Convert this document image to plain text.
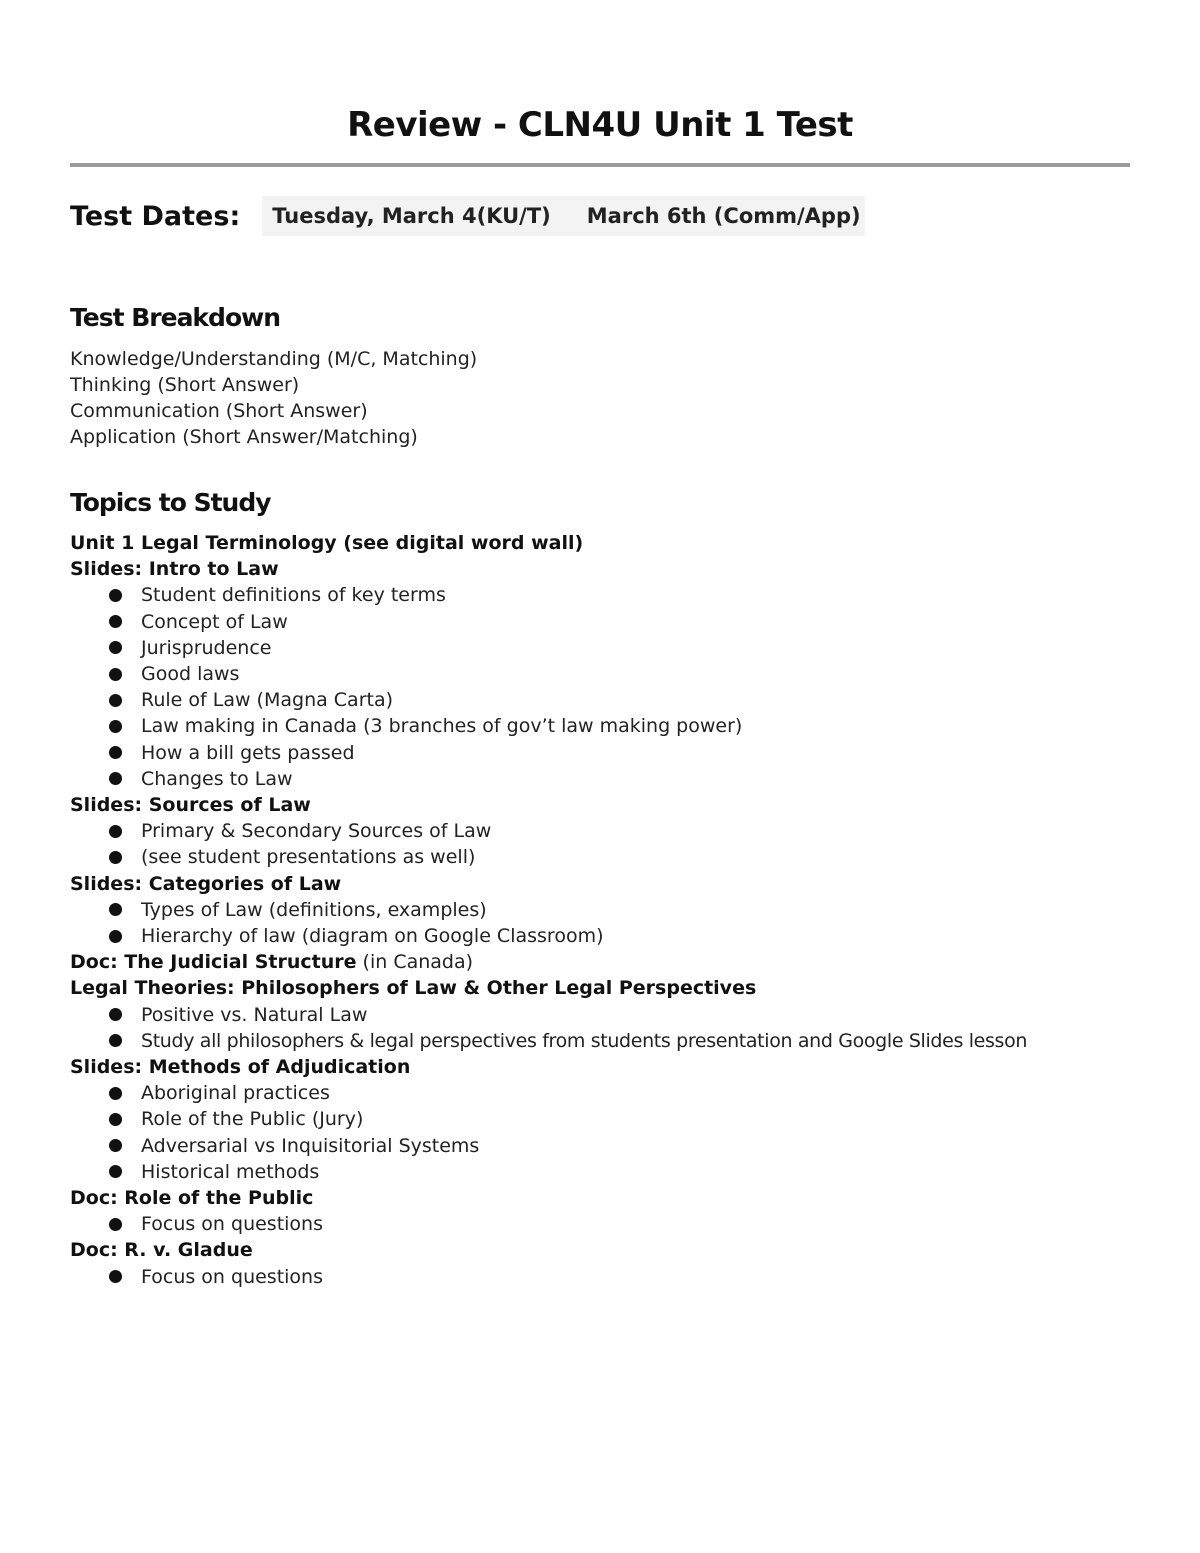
Review - CLN4U Unit 1 Test
Test Dates: Tuesday, March 4(KU/T) March 6th (Comm/App)
Test Breakdown
Knowledge/Understanding (M/C, Matching)
Thinking (Short Answer)
Communication (Short Answer)
Application (Short Answer/Matching)
Topics to Study
Unit 1 Legal Terminology (see digital word wall)
Slides: Intro to Law
Student definitions of key terms
Concept of Law
Jurisprudence
Good laws
Rule of Law (Magna Carta)
Law making in Canada (3 branches of gov’t law making power)
How a bill gets passed
Changes to Law
Slides: Sources of Law
Primary & Secondary Sources of Law
(see student presentations as well)
Slides: Categories of Law
Types of Law (definitions, examples)
Hierarchy of law (diagram on Google Classroom)
Doc: The Judicial Structure (in Canada)
Legal Theories: Philosophers of Law & Other Legal Perspectives
Positive vs. Natural Law
Study all philosophers & legal perspectives from students presentation and Google Slides lesson
Slides: Methods of Adjudication
Aboriginal practices
Role of the Public (Jury)
Adversarial vs Inquisitorial Systems
Historical methods
Doc: Role of the Public
Focus on questions
Doc: R. v. Gladue
Focus on questions
